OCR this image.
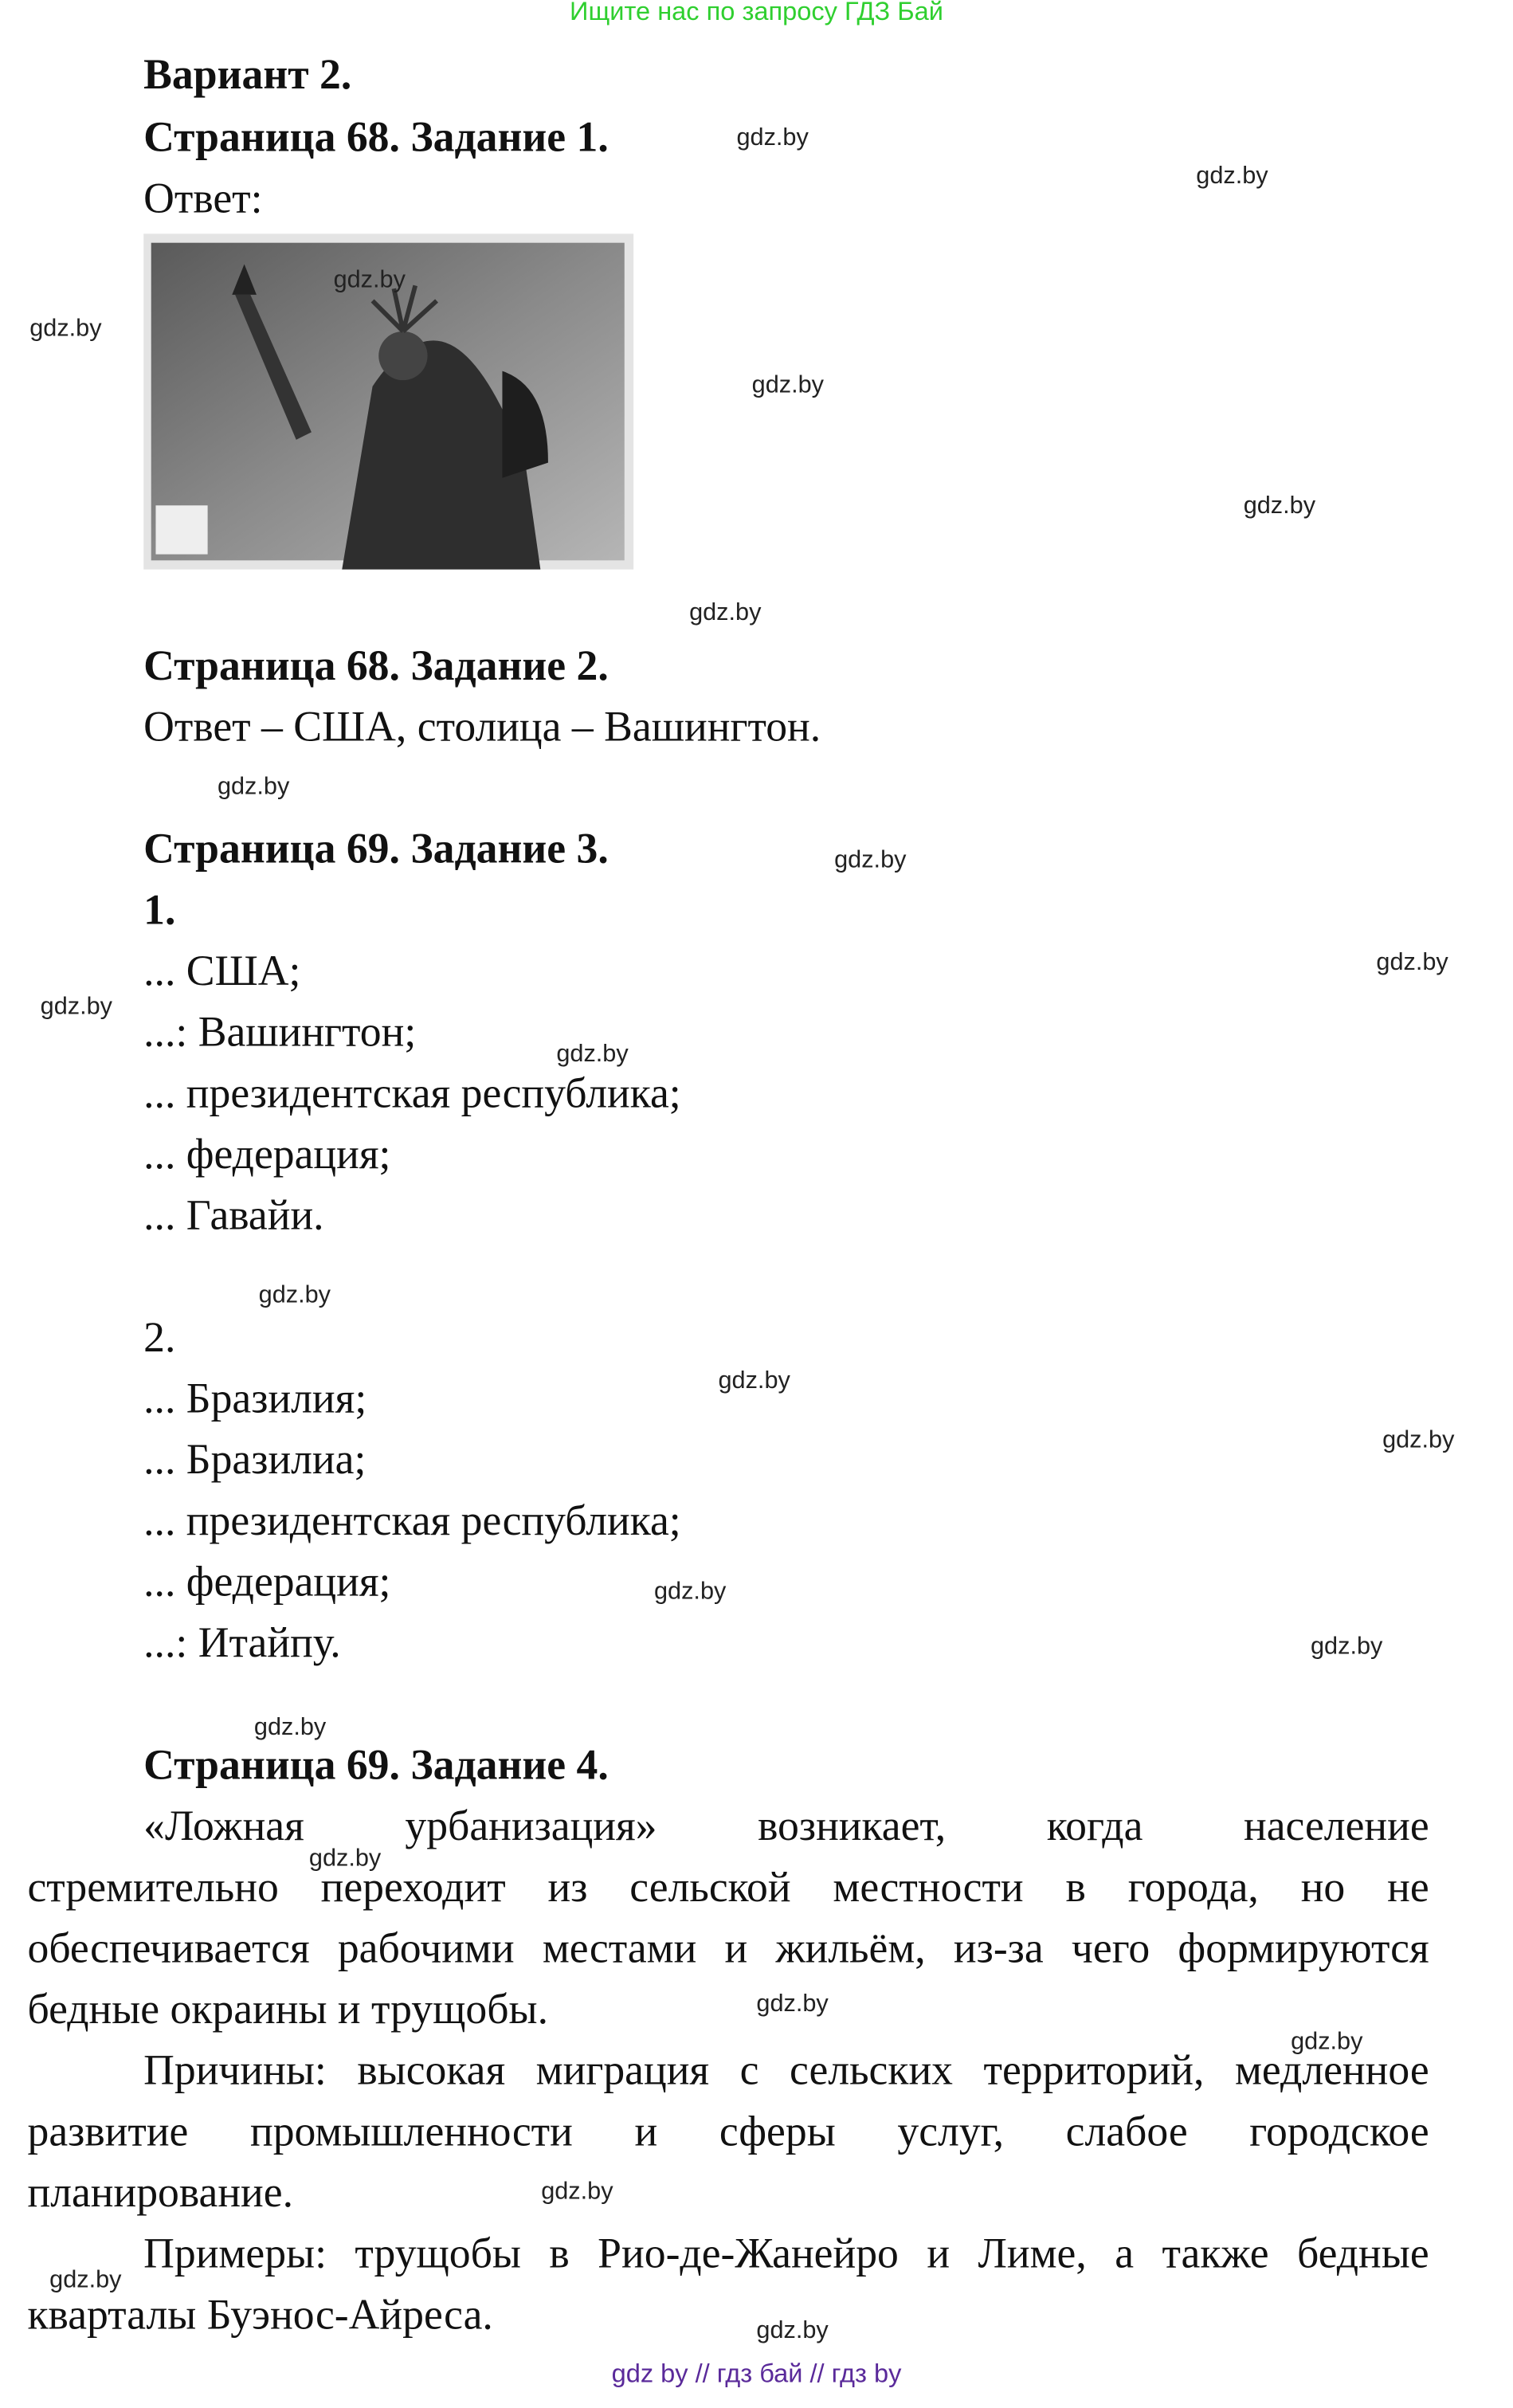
Ищите нас по запросу ГДЗ Бай
Вариант 2.
Страница 68. Задание 1.
Ответ:
Страница 68. Задание 2.
Ответ – США, столица – Вашингтон.
Страница 69. Задание 3.
1.
... США;
...: Вашингтон;
... президентская республика;
... федерация;
... Гавайи.
2.
... Бразилия;
... Бразилиа;
... президентская республика;
... федерация;
...: Итайпу.
Страница 69. Задание 4.
«Ложная урбанизация» возникает, когда население
стремительно переходит из сельской местности в города, но не
обеспечивается рабочими местами и жильём, из-за чего формируются
бедные окраины и трущобы.
Причины: высокая миграция с сельских территорий, медленное
развитие промышленности и сферы услуг, слабое городское
планирование.
Примеры: трущобы в Рио-де-Жанейро и Лиме, а также бедные
кварталы Буэнос-Айреса.
gdz.by
gdz.by
gdz.by
gdz.by
gdz.by
gdz.by
gdz.by
gdz.by
gdz.by
gdz.by
gdz.by
gdz.by
gdz.by
gdz.by
gdz.by
gdz.by
gdz.by
gdz.by
gdz.by
gdz.by
gdz.by
gdz.by
gdz.by
gdz.by
gdz by // гдз бай // гдз by
